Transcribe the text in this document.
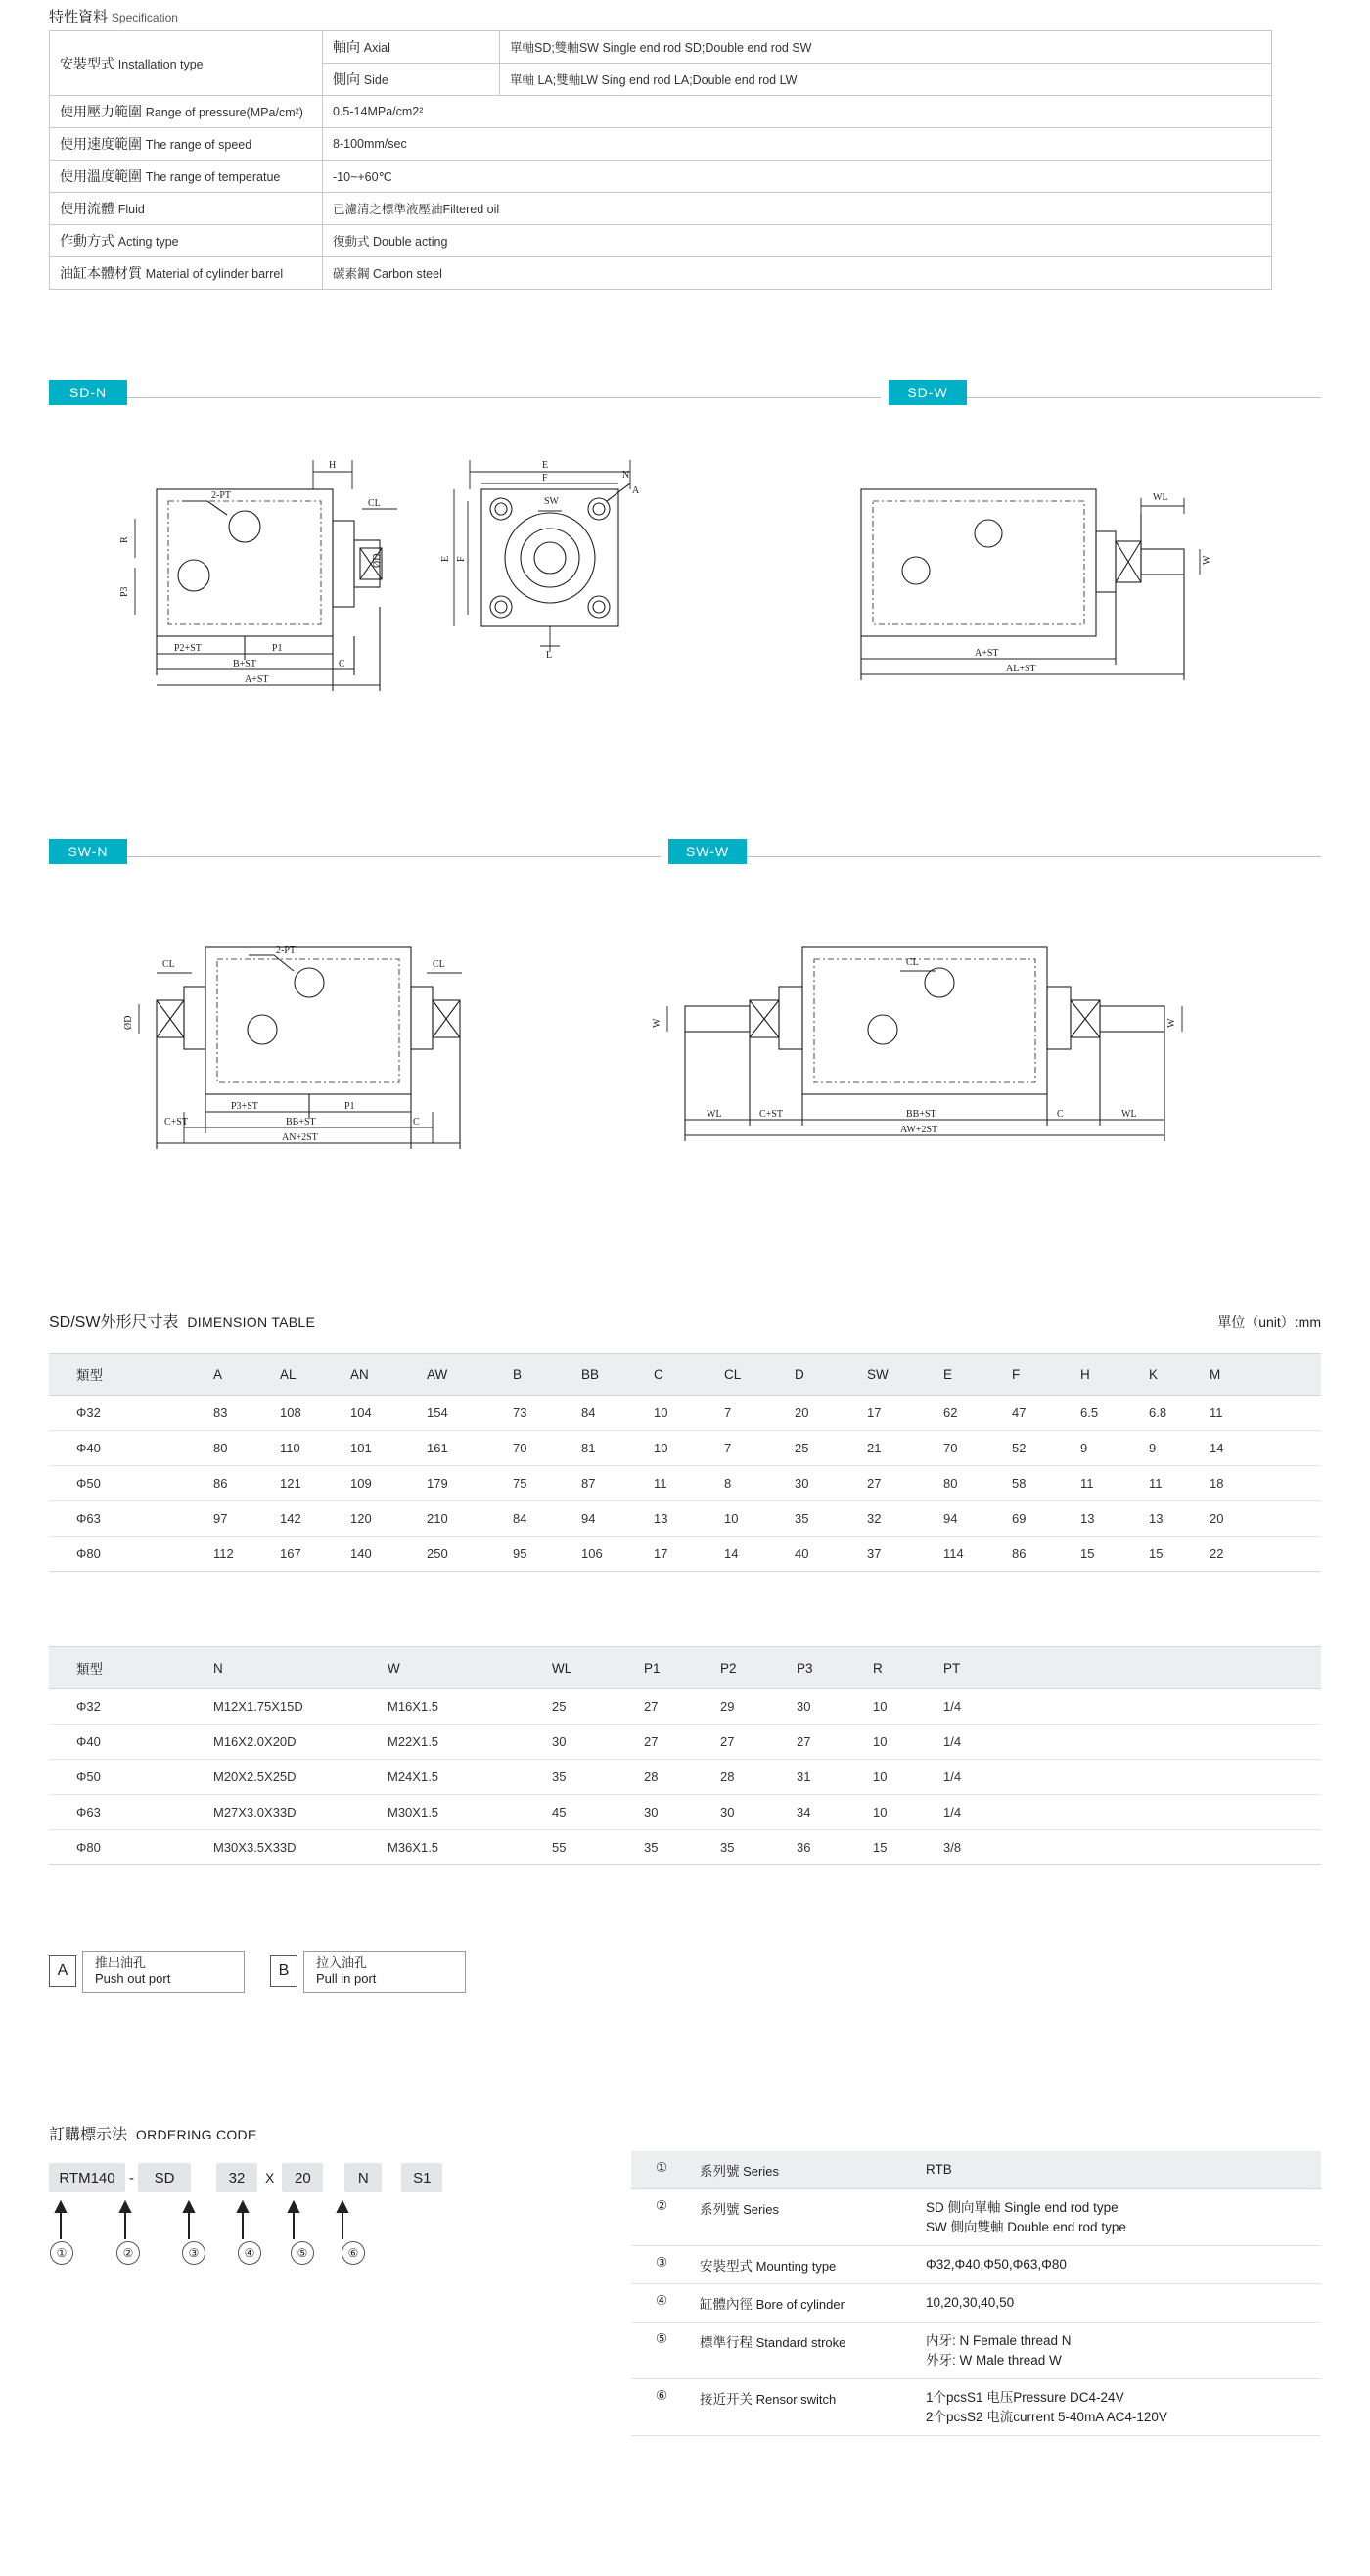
特性資料 Specification
安裝型式 Installation type	軸向 Axial	單軸SD;雙軸SW Single end rod SD;Double end rod SW
	側向 Side	單軸 LA;雙軸LW Sing end rod LA;Double end rod LW
使用壓力範圍 Range of pressure(MPa/cm²)	0.5-14MPa/cm2²	
使用速度範圍 The range of speed	8-100mm/sec	
使用溫度範圍 The range of temperatue	-10~+60℃	
使用流體 Fluid	已濾清之標準液壓油Filtered oil	
作動方式 Acting type	復動式 Double acting	
油缸本體材質 Material of cylinder barrel	碳素鋼 Carbon steel	
SD-N	SD-W
SW-N	SW-W
H
CL
2-PT
ØD
R
P3
P2+ST	P1
B+ST	C
A+ST
E
F
SW
N
A
E F
L
WL
W
A+ST
AL+ST
CL	CL
2-PT
ØD
P3+ST	P1
C+ST	BB+ST	C
AN+2ST
CL
W	W
WL	C+ST	BB+ST	C	WL
AW+2ST
SD/SW外形尺寸表 DIMENSION TABLE	單位（unit）:mm
類型	A	AL	AN	AW	B	BB	C	CL	D	SW	E	F	H	K	M
Φ32	83	108	104	154	73	84	10	7	20	17	62	47	6.5	6.8	11
Φ40	80	110	101	161	70	81	10	7	25	21	70	52	9	9	14
Φ50	86	121	109	179	75	87	11	8	30	27	80	58	11	11	18
Φ63	97	142	120	210	84	94	13	10	35	32	94	69	13	13	20
Φ80	112	167	140	250	95	106	17	14	40	37	114	86	15	15	22
類型	N	W	WL	P1	P2	P3	R	PT
Φ32	M12X1.75X15D	M16X1.5	25	27	29	30	10	1/4
Φ40	M16X2.0X20D	M22X1.5	30	27	27	27	10	1/4
Φ50	M20X2.5X25D	M24X1.5	35	28	28	31	10	1/4
Φ63	M27X3.0X33D	M30X1.5	45	30	30	34	10	1/4
Φ80	M30X3.5X33D	M36X1.5	55	35	35	36	15	3/8
A	推出油孔
Push out port	B	拉入油孔
Pull in port
訂購標示法 ORDERING CODE
RTM140 -	SD	32	X	20	N	S1
①	②	③	④	⑤	⑥
①	系列號 Series	RTB

②	系列號 Series	SD 側向單軸 Single end rod type
SW 側向雙軸 Double end rod type

③	安裝型式 Mounting type	Φ32,Φ40,Φ50,Φ63,Φ80

④	缸體內徑 Bore of cylinder	10,20,30,40,50

⑤	標準行程 Standard stroke	内牙: N Female thread N
外牙: W Male thread W

⑥	接近开关 Rensor switch	1个pcsS1 电压Pressure DC4-24V
2个pcsS2 电流current 5-40mA AC4-120V
